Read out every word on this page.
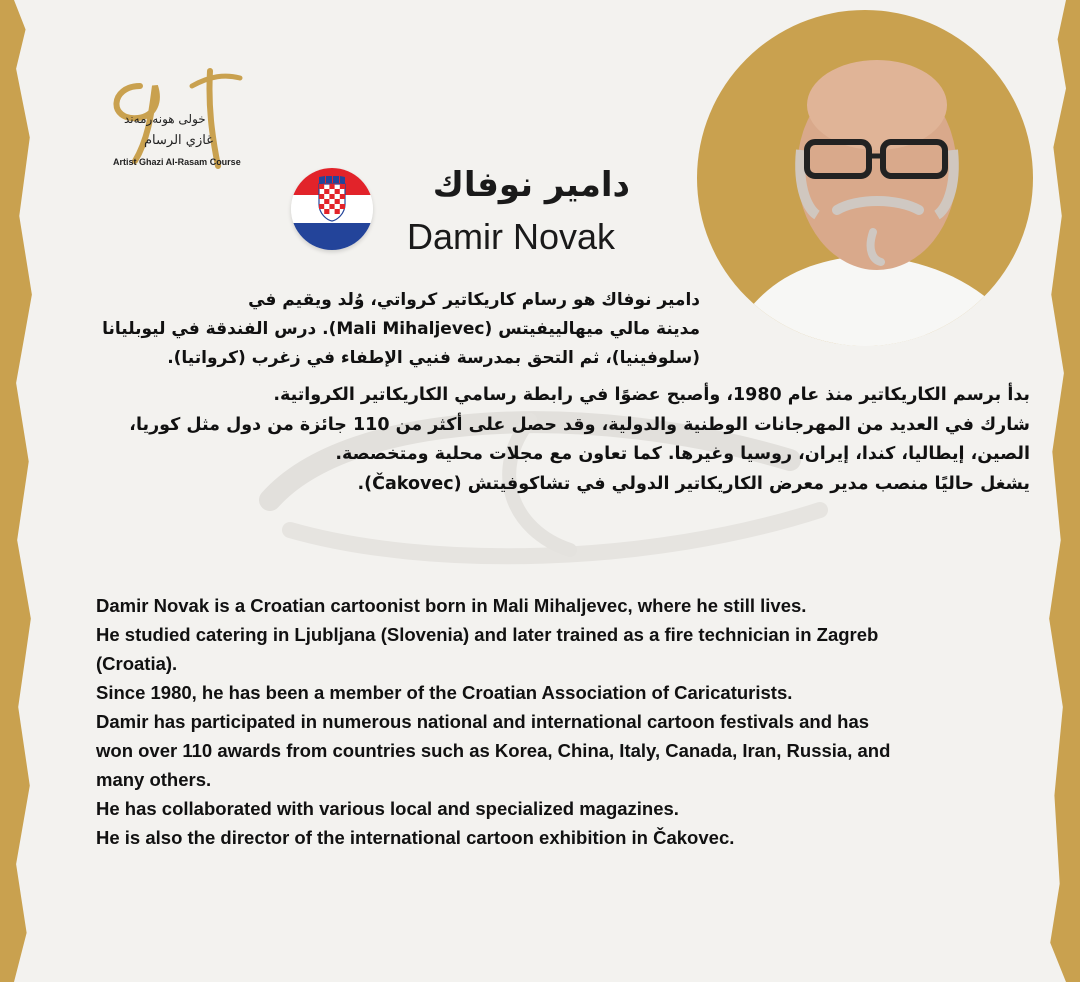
خولى هونەرمەند
غازي الرسام
Artist Ghazi Al-Rasam Course
دامير نوفاك
Damir Novak
دامير نوفاك هو رسام كاريكاتير كرواتي، وُلد ويقيم في
مدينة مالي ميهالييفيتس (Mali Mihaljevec). درس الفندقة في ليوبليانا
(سلوفينيا)، ثم التحق بمدرسة فنيي الإطفاء في زغرب (كرواتيا).
بدأ برسم الكاريكاتير منذ عام 1980، وأصبح عضوًا في رابطة رسامي الكاريكاتير الكرواتية.
شارك في العديد من المهرجانات الوطنية والدولية، وقد حصل على أكثر من 110 جائزة من دول مثل كوريا،
الصين، إيطاليا، كندا، إيران، روسيا وغيرها. كما تعاون مع مجلات محلية ومتخصصة.
يشغل حاليًا منصب مدير معرض الكاريكاتير الدولي في تشاكوفيتش (Čakovec).

Damir Novak is a Croatian cartoonist born in Mali Mihaljevec, where he still lives.

He studied catering in Ljubljana (Slovenia) and later trained as a fire technician in Zagreb

(Croatia).

Since 1980, he has been a member of the Croatian Association of Caricaturists.

Damir has participated in numerous national and international cartoon festivals and has

won over 110 awards from countries such as Korea, China, Italy, Canada, Iran, Russia, and

many others.

He has collaborated with various local and specialized magazines.

He is also the director of the international cartoon exhibition in Čakovec.
